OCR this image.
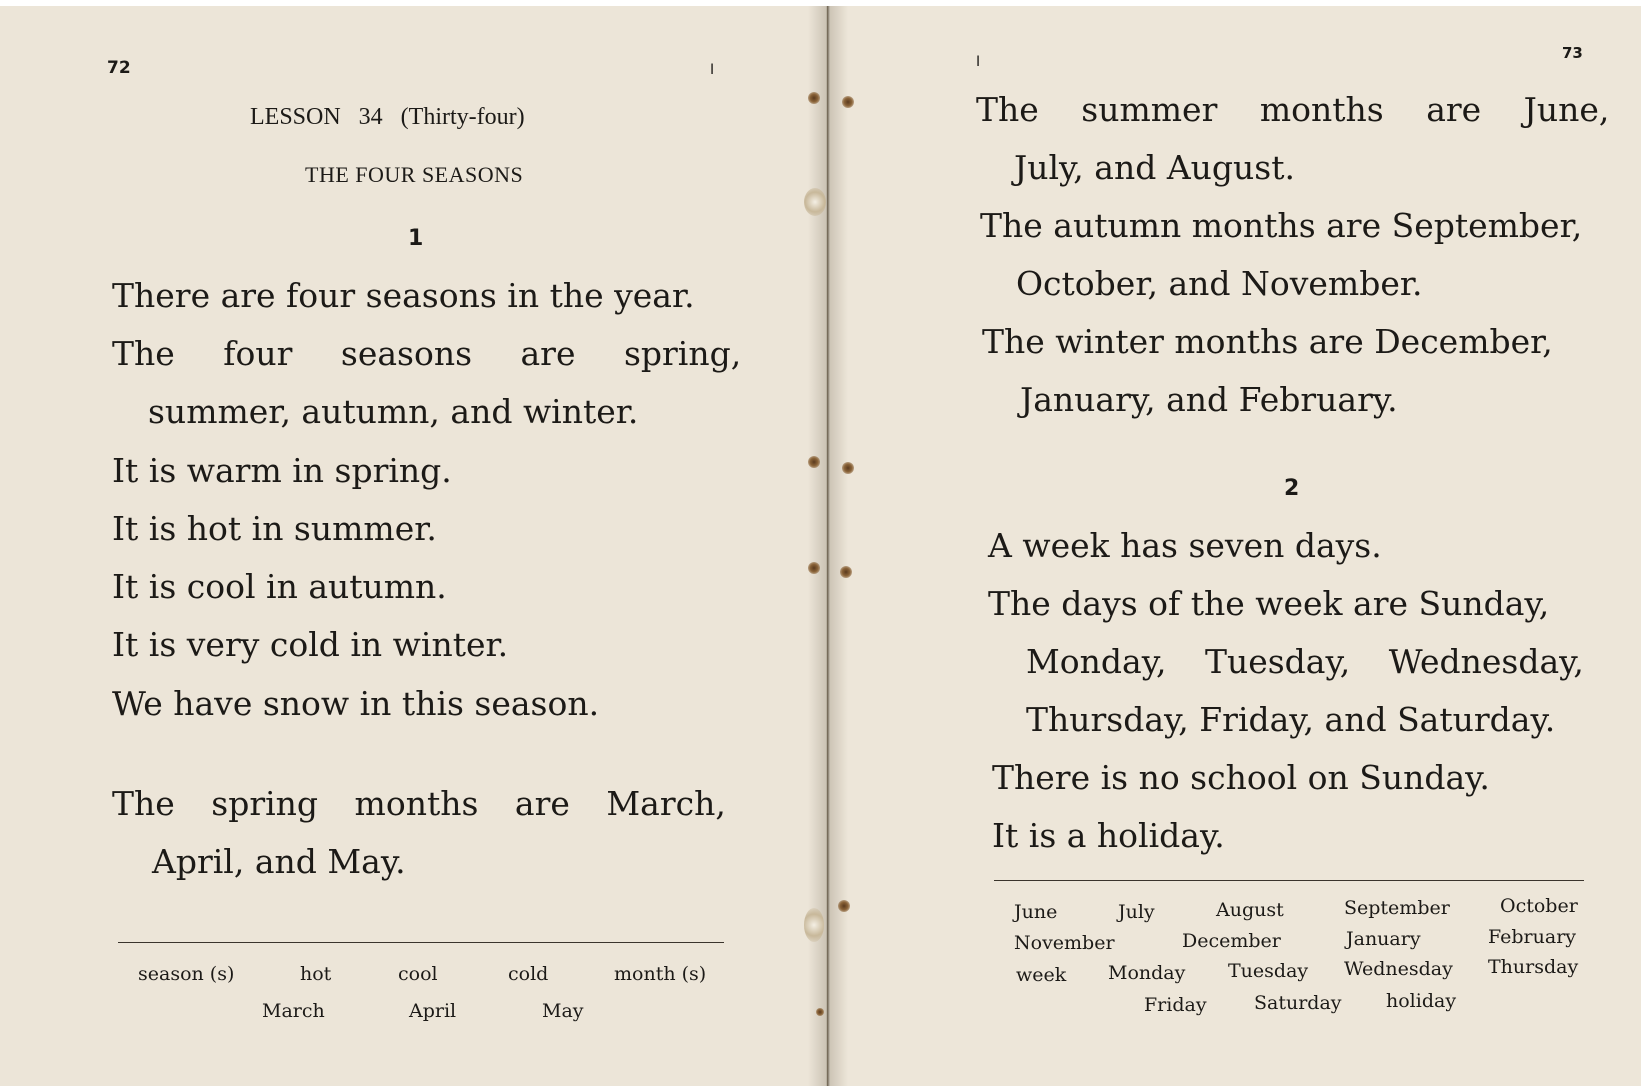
72	I
LESSON   34   (Thirty-four)
THE FOUR SEASONS
1
There are four seasons in the year.
The four seasons are spring,
summer, autumn, and winter.
It is warm in spring.
It is hot in summer.
It is cool in autumn.
It is very cold in winter.
We have snow in this season.
The spring months are March,
April, and May.
season (s)	hot	cool	cold	month (s)
March	April	May
I	73
The summer months are June,
July, and August.
The autumn months are September,
October, and November.
The winter months are December,
January, and February.
2
A week has seven days.
The days of the week are Sunday,
Monday, Tuesday, Wednesday,
Thursday, Friday, and Saturday.
There is no school on Sunday.
It is a holiday.
June	July	August	September	October
November	December	January	February
week Monday Tuesday Wednesday Thursday
Friday Saturday holiday
